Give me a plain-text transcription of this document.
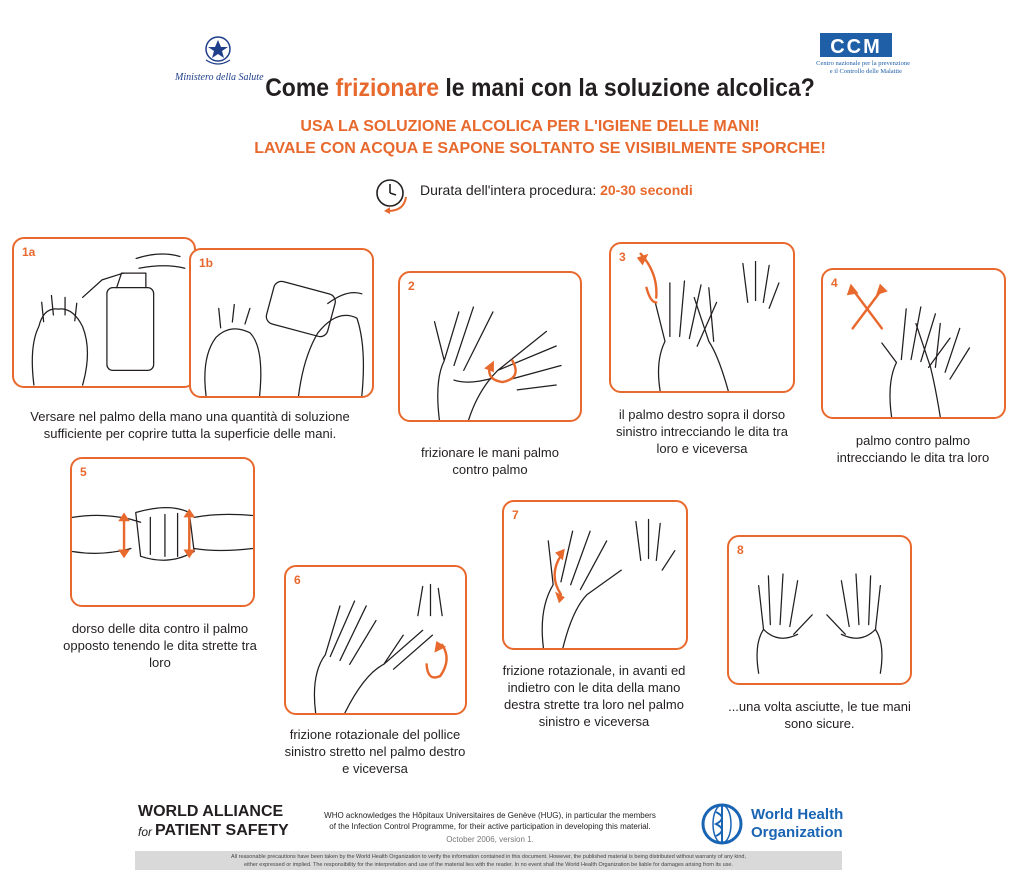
Ministero della Salute
CCM
Centro nazionale per la prevenzione
e il Controllo delle Malattie
Come frizionare le mani con la soluzione alcolica?
USA LA SOLUZIONE ALCOLICA PER L'IGIENE DELLE MANI!
LAVALE CON ACQUA E SAPONE SOLTANTO SE VISIBILMENTE SPORCHE!
Durata dell'intera procedura: 20-30 secondi
1a
1b
Versare nel palmo della mano una quantità di soluzione sufficiente per coprire tutta la superficie delle mani.
2
frizionare le mani palmo contro palmo
3
il palmo destro sopra il dorso sinistro intrecciando le dita tra loro e viceversa
4
palmo contro palmo intrecciando le dita tra loro
5
dorso delle dita contro il palmo opposto tenendo le dita strette tra loro
6
frizione rotazionale del pollice sinistro stretto nel palmo destro e viceversa
7
frizione rotazionale, in avanti ed indietro con le dita della mano destra strette tra loro nel palmo sinistro e viceversa
8
...una volta asciutte, le tue mani sono sicure.
WORLD ALLIANCE
for PATIENT SAFETY
WHO acknowledges the Hôpitaux Universitaires de Genève (HUG), in particular the members
of the Infection Control Programme, for their active participation in developing this material.
October 2006, version 1.
World Health
Organization
All reasonable precautions have been taken by the World Health Organization to verify the information contained in this document. However, the published material is being distributed without warranty of any kind,
either expressed or implied. The responsibility for the interpretation and use of the material lies with the reader. In no event shall the World Health Organization be liable for damages arising from its use.
